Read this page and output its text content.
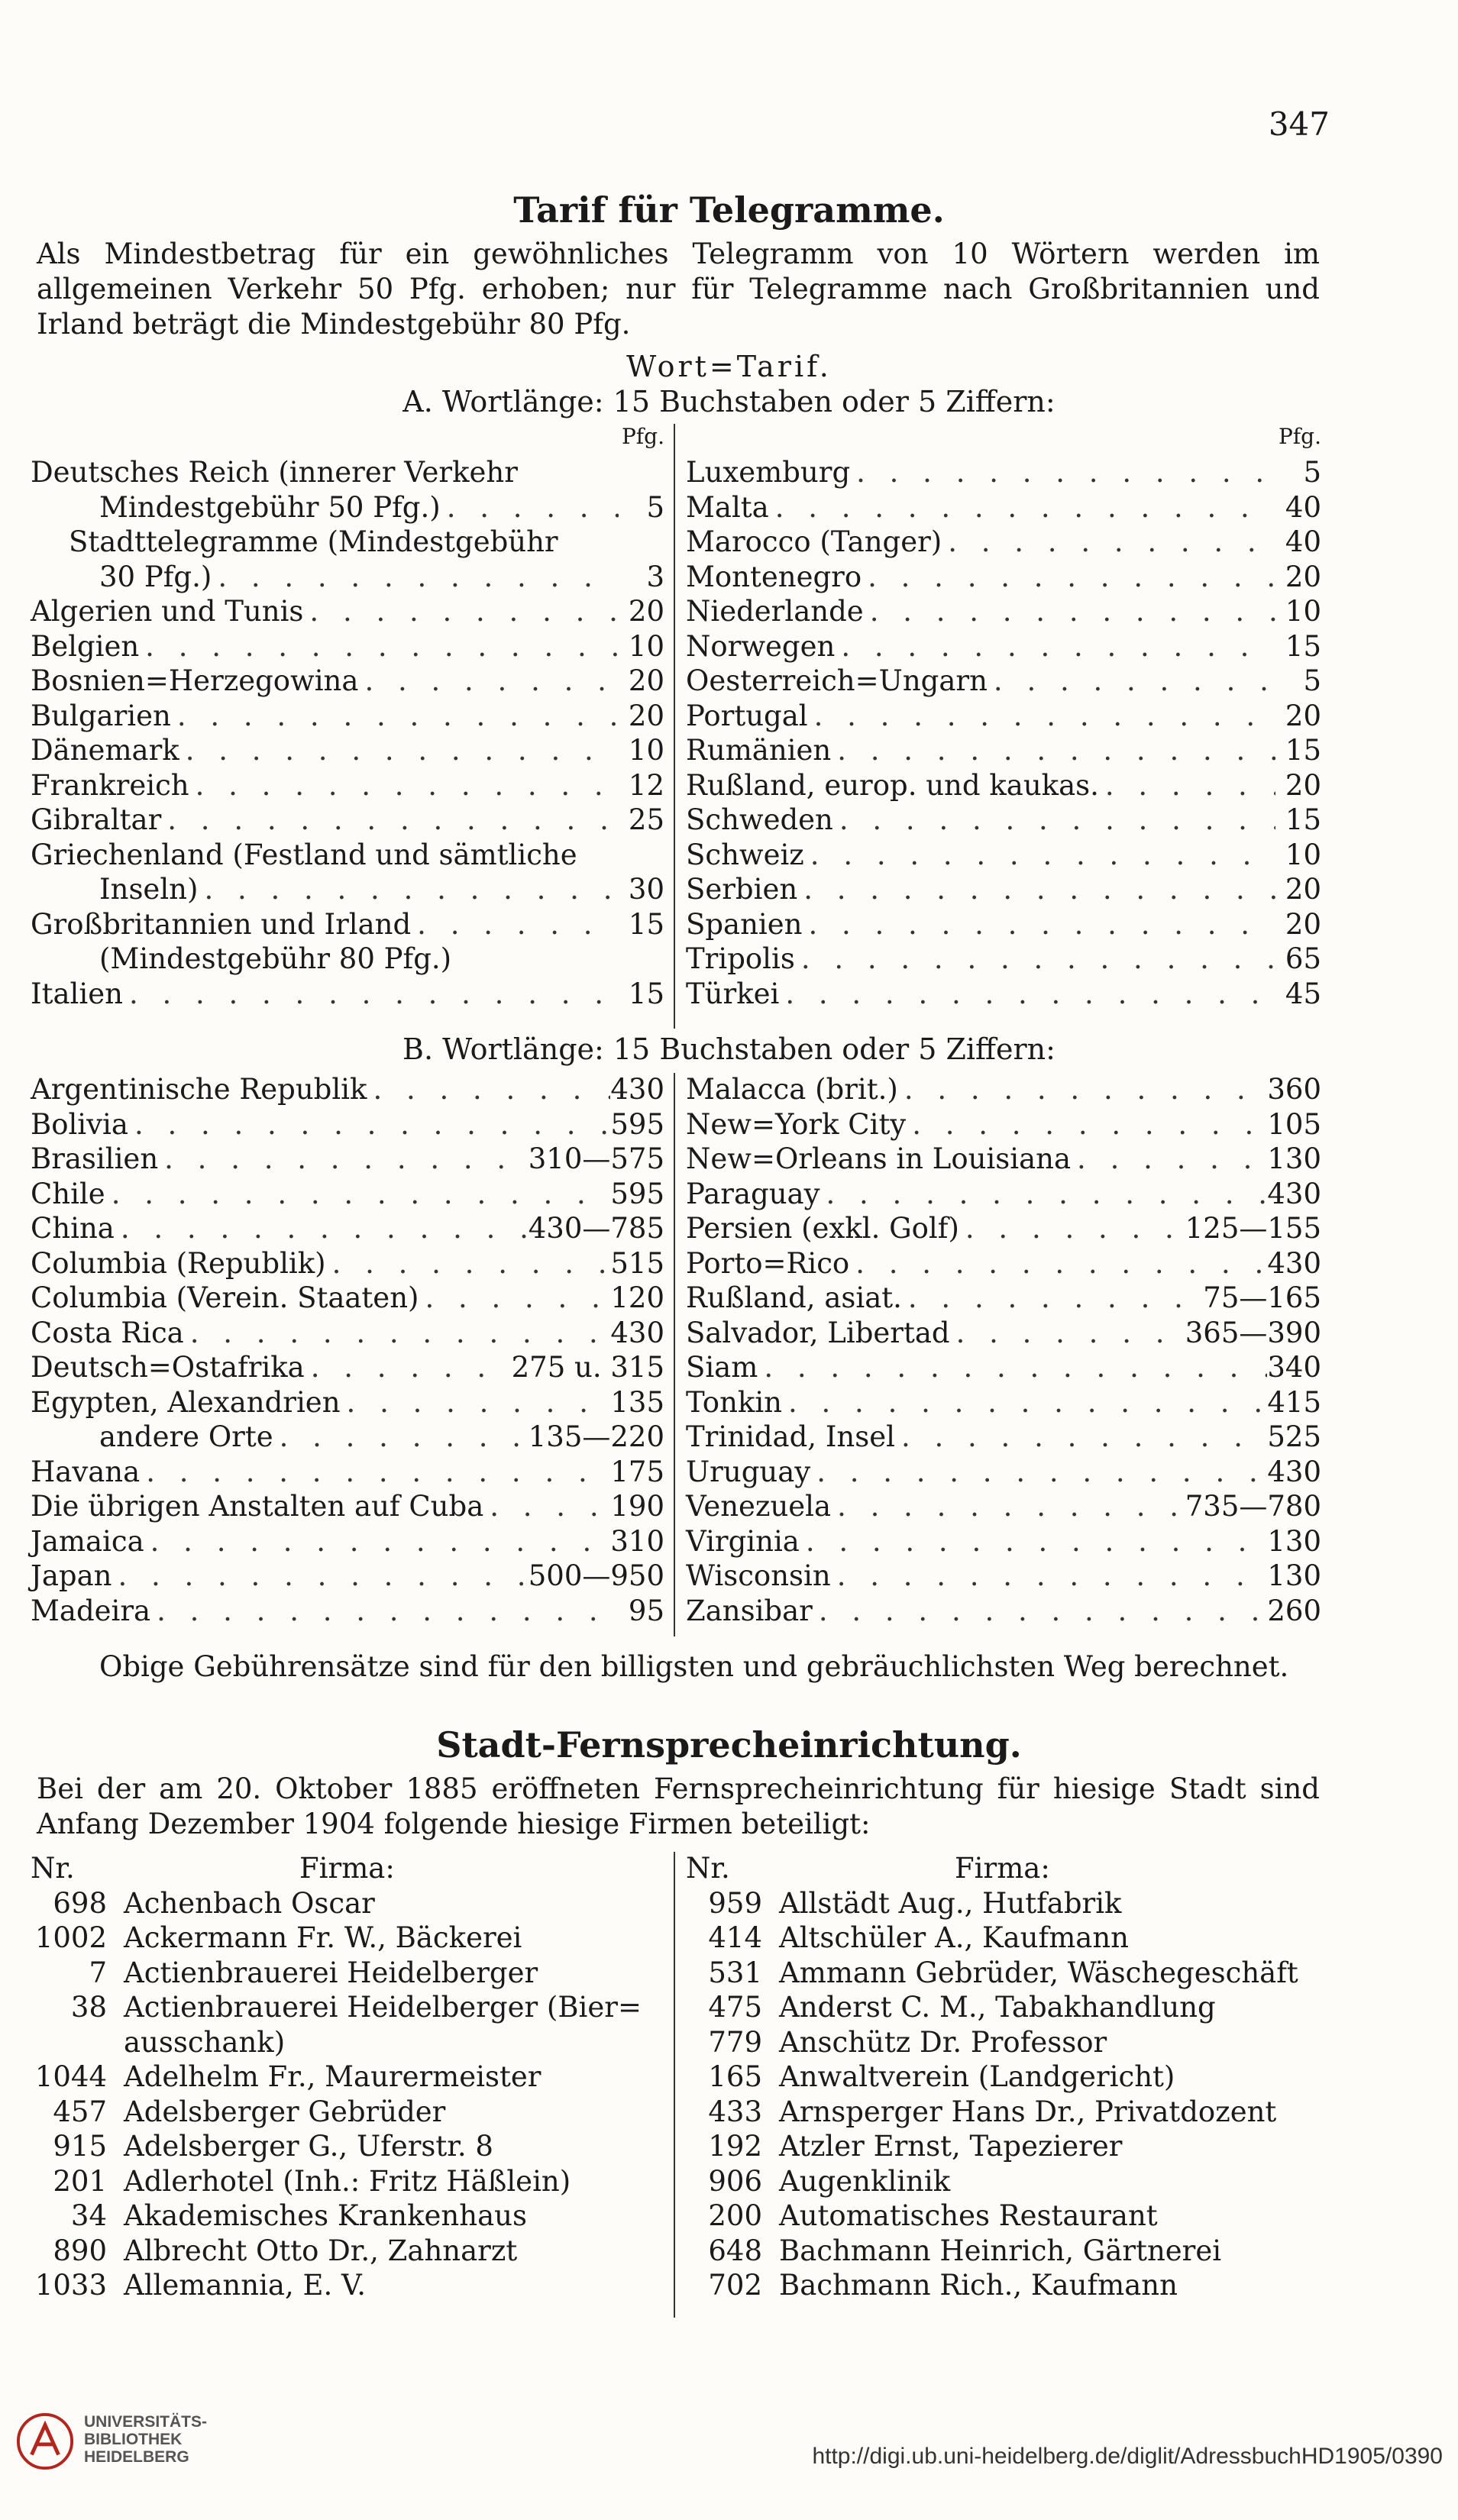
347
Tarif für Telegramme.
Als Mindestbetrag für ein gewöhnliches Telegramm von 10 Wörtern werden im allgemeinen Verkehr 50 Pfg. erhoben; nur für Telegramme nach Großbritannien und Irland beträgt die Mindestgebühr 80 Pfg.
Wort=Tarif.
A. Wortlänge: 15 Buchstaben oder 5 Ziffern:
Pfg.
Deutsches Reich (innerer Verkehr
Mindestgebühr 50 Pfg.) . . .	5
Stadttelegramme (Mindestgebühr
30 Pfg.) . . .	3
Algerien und Tunis . . .	20
Belgien . . .	10
Bosnien=Herzegowina . . .	20
Bulgarien . . .	20
Dänemark . . .	10
Frankreich . . .	12
Gibraltar . . .	25
Griechenland (Festland und sämtliche
Inseln) . . .	30
Großbritannien und Irland . . .	15
(Mindestgebühr 80 Pfg.)
Italien . . .	15
Pfg.
Luxemburg . . .	5
Malta . . .	40
Marocco (Tanger) . . .	40
Montenegro . . .	20
Niederlande . . .	10
Norwegen . . .	15
Oesterreich=Ungarn . . .	5
Portugal . . .	20
Rumänien . . .	15
Rußland, europ. und kaukas. . . .	20
Schweden . . .	15
Schweiz . . .	10
Serbien . . .	20
Spanien . . .	20
Tripolis . . .	65
Türkei . . .	45
B. Wortlänge: 15 Buchstaben oder 5 Ziffern:
Argentinische Republik . . .	430
Bolivia . . .	595
Brasilien . . .	310—575
Chile . . .	595
China . . .	430—785
Columbia (Republik) . . .	515
Columbia (Verein. Staaten) . . .	120
Costa Rica . . .	430
Deutsch=Ostafrika . . .	275 u. 315
Egypten, Alexandrien . . .	135
andere Orte . . .	135—220
Havana . . .	175
Die übrigen Anstalten auf Cuba . . .	190
Jamaica . . .	310
Japan . . .	500—950
Madeira . . .	95
Malacca (brit.) . . .	360
New=York City . . .	105
New=Orleans in Louisiana . . .	130
Paraguay . . .	430
Persien (exkl. Golf) . . .	125—155
Porto=Rico . . .	430
Rußland, asiat. . . .	75—165
Salvador, Libertad . . .	365—390
Siam . . .	340
Tonkin . . .	415
Trinidad, Insel . . .	525
Uruguay . . .	430
Venezuela . . .	735—780
Virginia . . .	130
Wisconsin . . .	130
Zansibar . . .	260
Obige Gebührensätze sind für den billigsten und gebräuchlichsten Weg berechnet.
Stadt-Fernsprecheinrichtung.
Bei der am 20. Oktober 1885 eröffneten Fernsprecheinrichtung für hiesige Stadt sind Anfang Dezember 1904 folgende hiesige Firmen beteiligt:
Nr.	Firma:
698 Achenbach Oscar
1002 Ackermann Fr. W., Bäckerei
7 Actienbrauerei Heidelberger
38 Actienbrauerei Heidelberger (Bier=
ausschank)
1044 Adelhelm Fr., Maurermeister
457 Adelsberger Gebrüder
915 Adelsberger G., Uferstr. 8
201 Adlerhotel (Inh.: Fritz Häßlein)
34 Akademisches Krankenhaus
890 Albrecht Otto Dr., Zahnarzt
1033 Allemannia, E. V.
Nr.	Firma:
959 Allstädt Aug., Hutfabrik
414 Altschüler A., Kaufmann
531 Ammann Gebrüder, Wäschegeschäft
475 Anderst C. M., Tabakhandlung
779 Anschütz Dr. Professor
165 Anwaltverein (Landgericht)
433 Arnsperger Hans Dr., Privatdozent
192 Atzler Ernst, Tapezierer
906 Augenklinik
200 Automatisches Restaurant
648 Bachmann Heinrich, Gärtnerei
702 Bachmann Rich., Kaufmann
UNIVERSITÄTS-
BIBLIOTHEK
HEIDELBERG	http://digi.ub.uni-heidelberg.de/diglit/AdressbuchHD1905/0390
